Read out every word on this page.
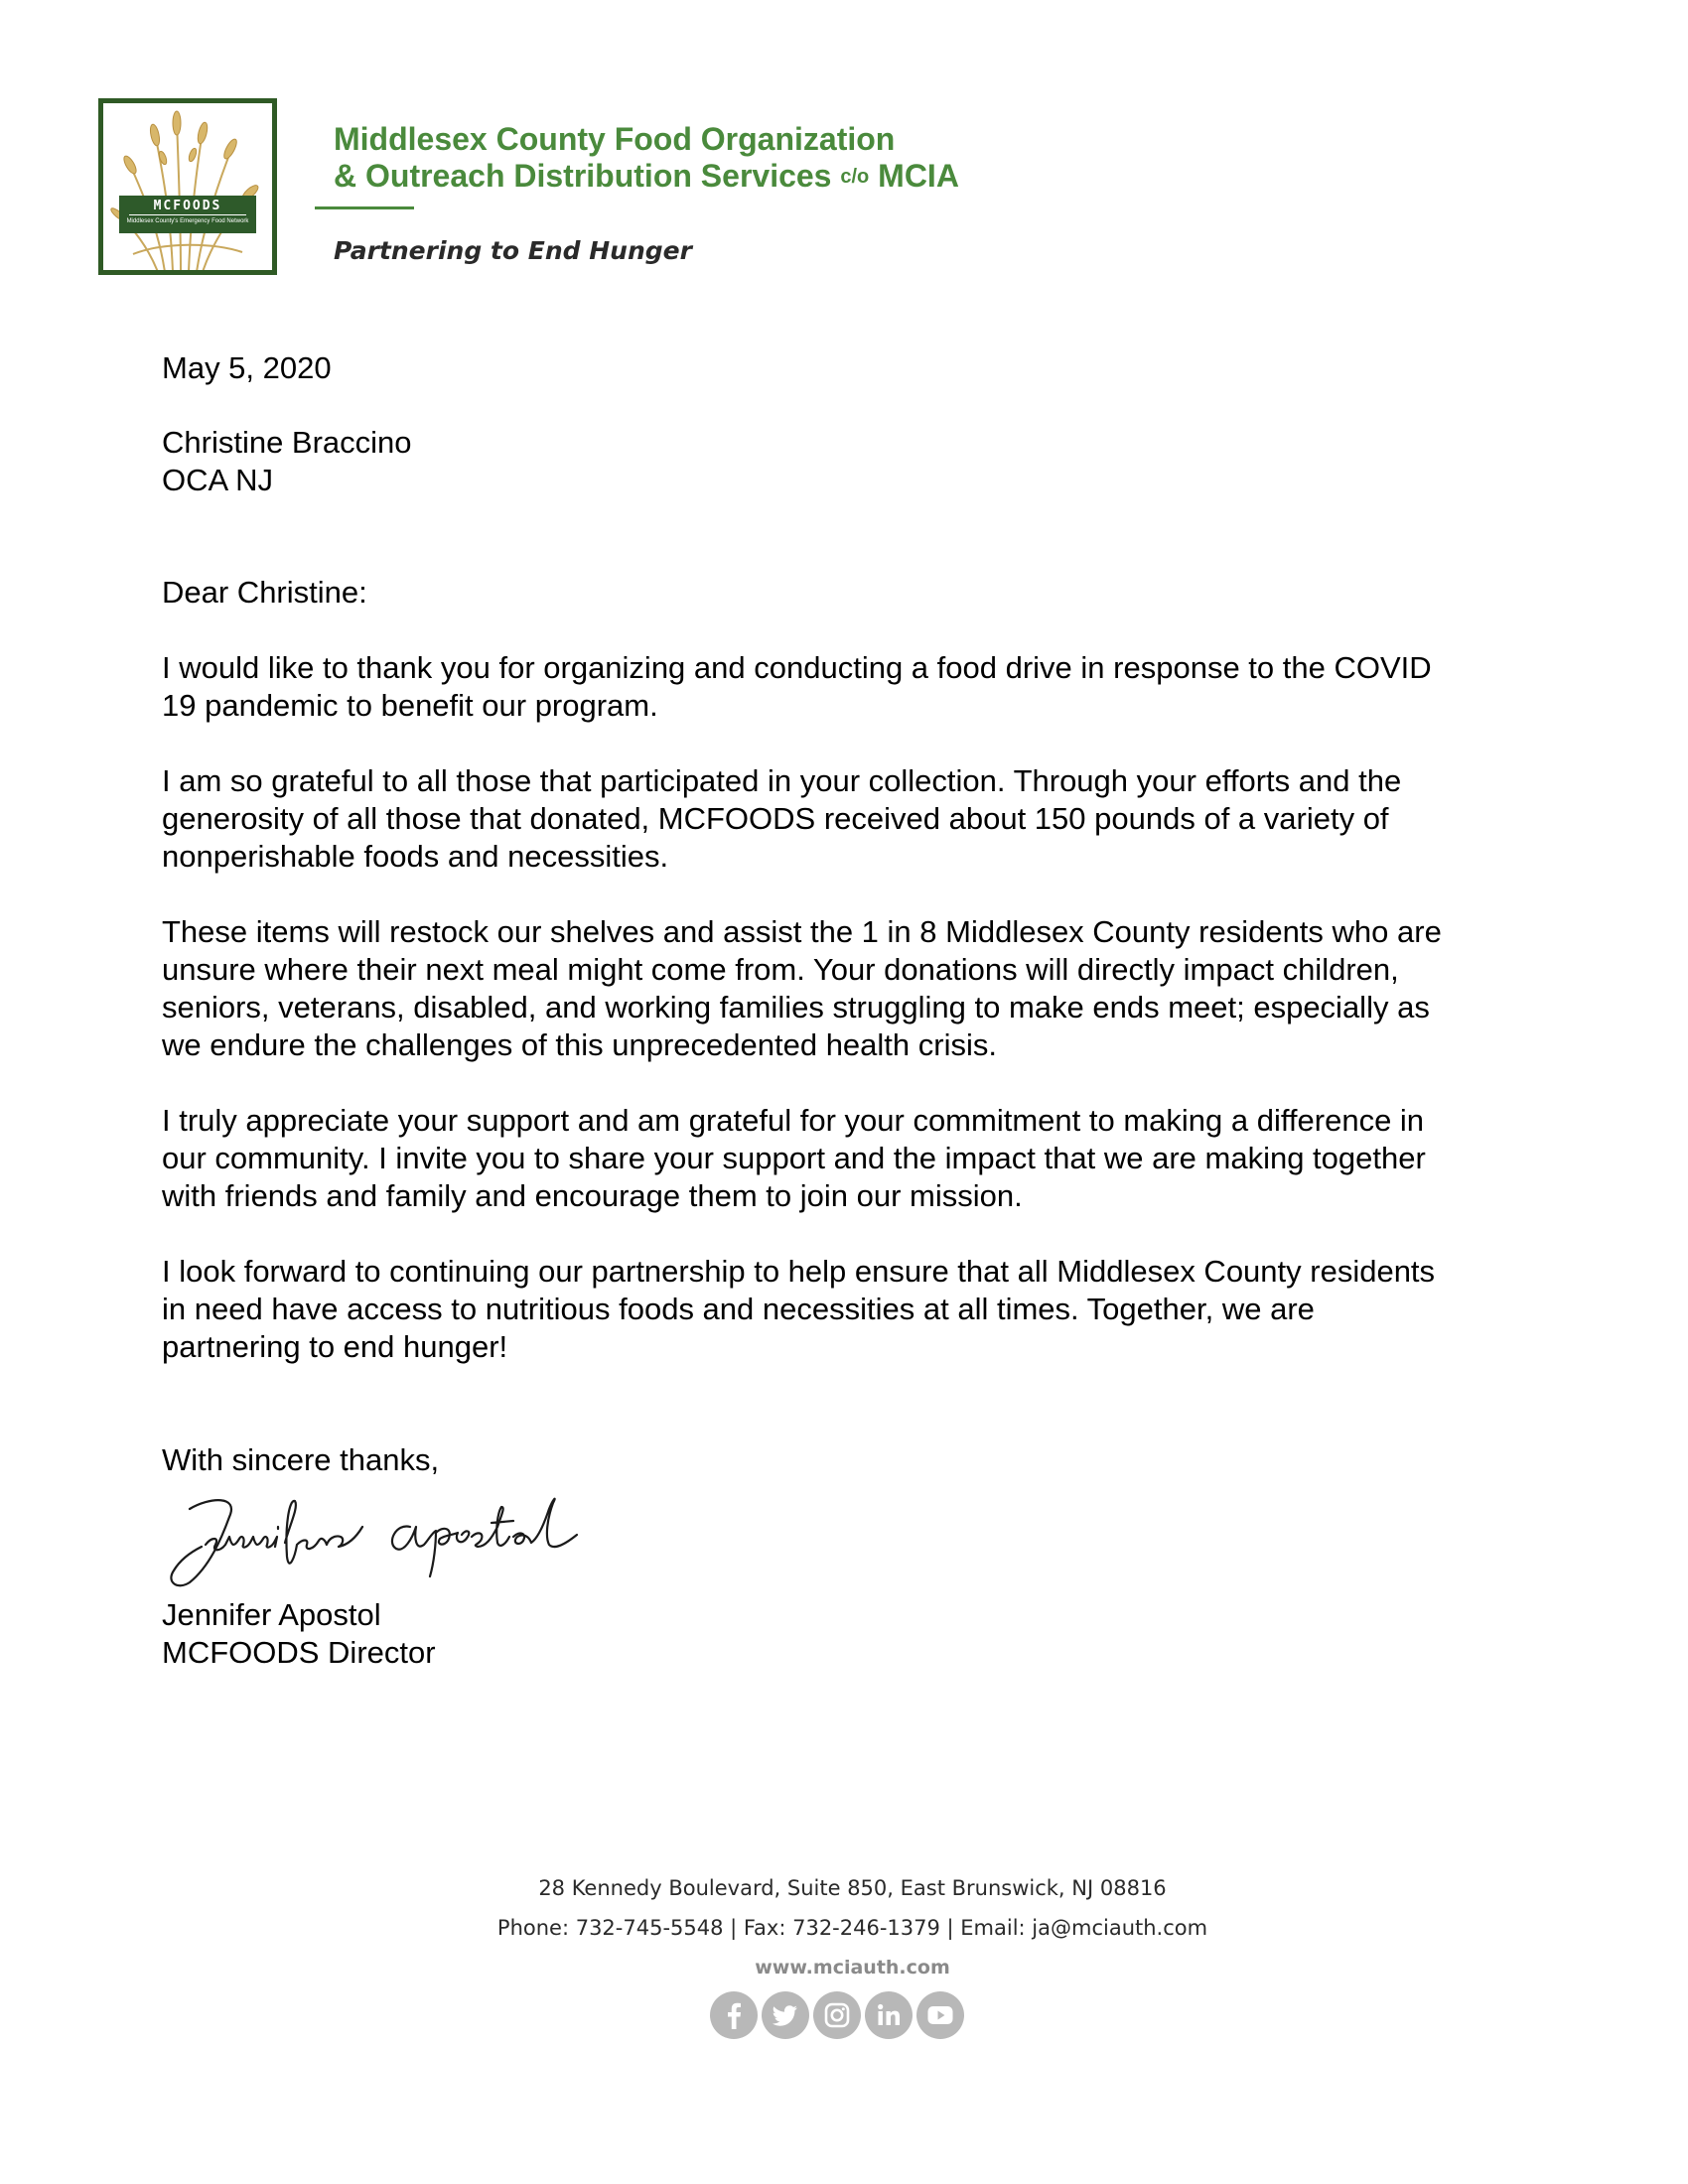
MCFOODS
Middlesex County's Emergency Food Network
Middlesex County Food Organization
& Outreach Distribution Services c/o MCIA
Partnering to End Hunger

May 5, 2020

Christine Braccino
OCA NJ

Dear Christine:

I would like to thank you for organizing and conducting a food drive in response to the COVID
19 pandemic to benefit our program.

I am so grateful to all those that participated in your collection. Through your efforts and the
generosity of all those that donated, MCFOODS received about 150 pounds of a variety of
nonperishable foods and necessities.

These items will restock our shelves and assist the 1 in 8 Middlesex County residents who are
unsure where their next meal might come from. Your donations will directly impact children,
seniors, veterans, disabled, and working families struggling to make ends meet; especially as
we endure the challenges of this unprecedented health crisis.

I truly appreciate your support and am grateful for your commitment to making a difference in
our community. I invite you to share your support and the impact that we are making together
with friends and family and encourage them to join our mission.

I look forward to continuing our partnership to help ensure that all Middlesex County residents
in need have access to nutritious foods and necessities at all times. Together, we are
partnering to end hunger!

With sincere thanks,

Jennifer Apostol
MCFOODS Director

28 Kennedy Boulevard, Suite 850, East Brunswick, NJ 08816
Phone: 732-745-5548 | Fax: 732-246-1379 | Email: ja@mciauth.com
www.mciauth.com
